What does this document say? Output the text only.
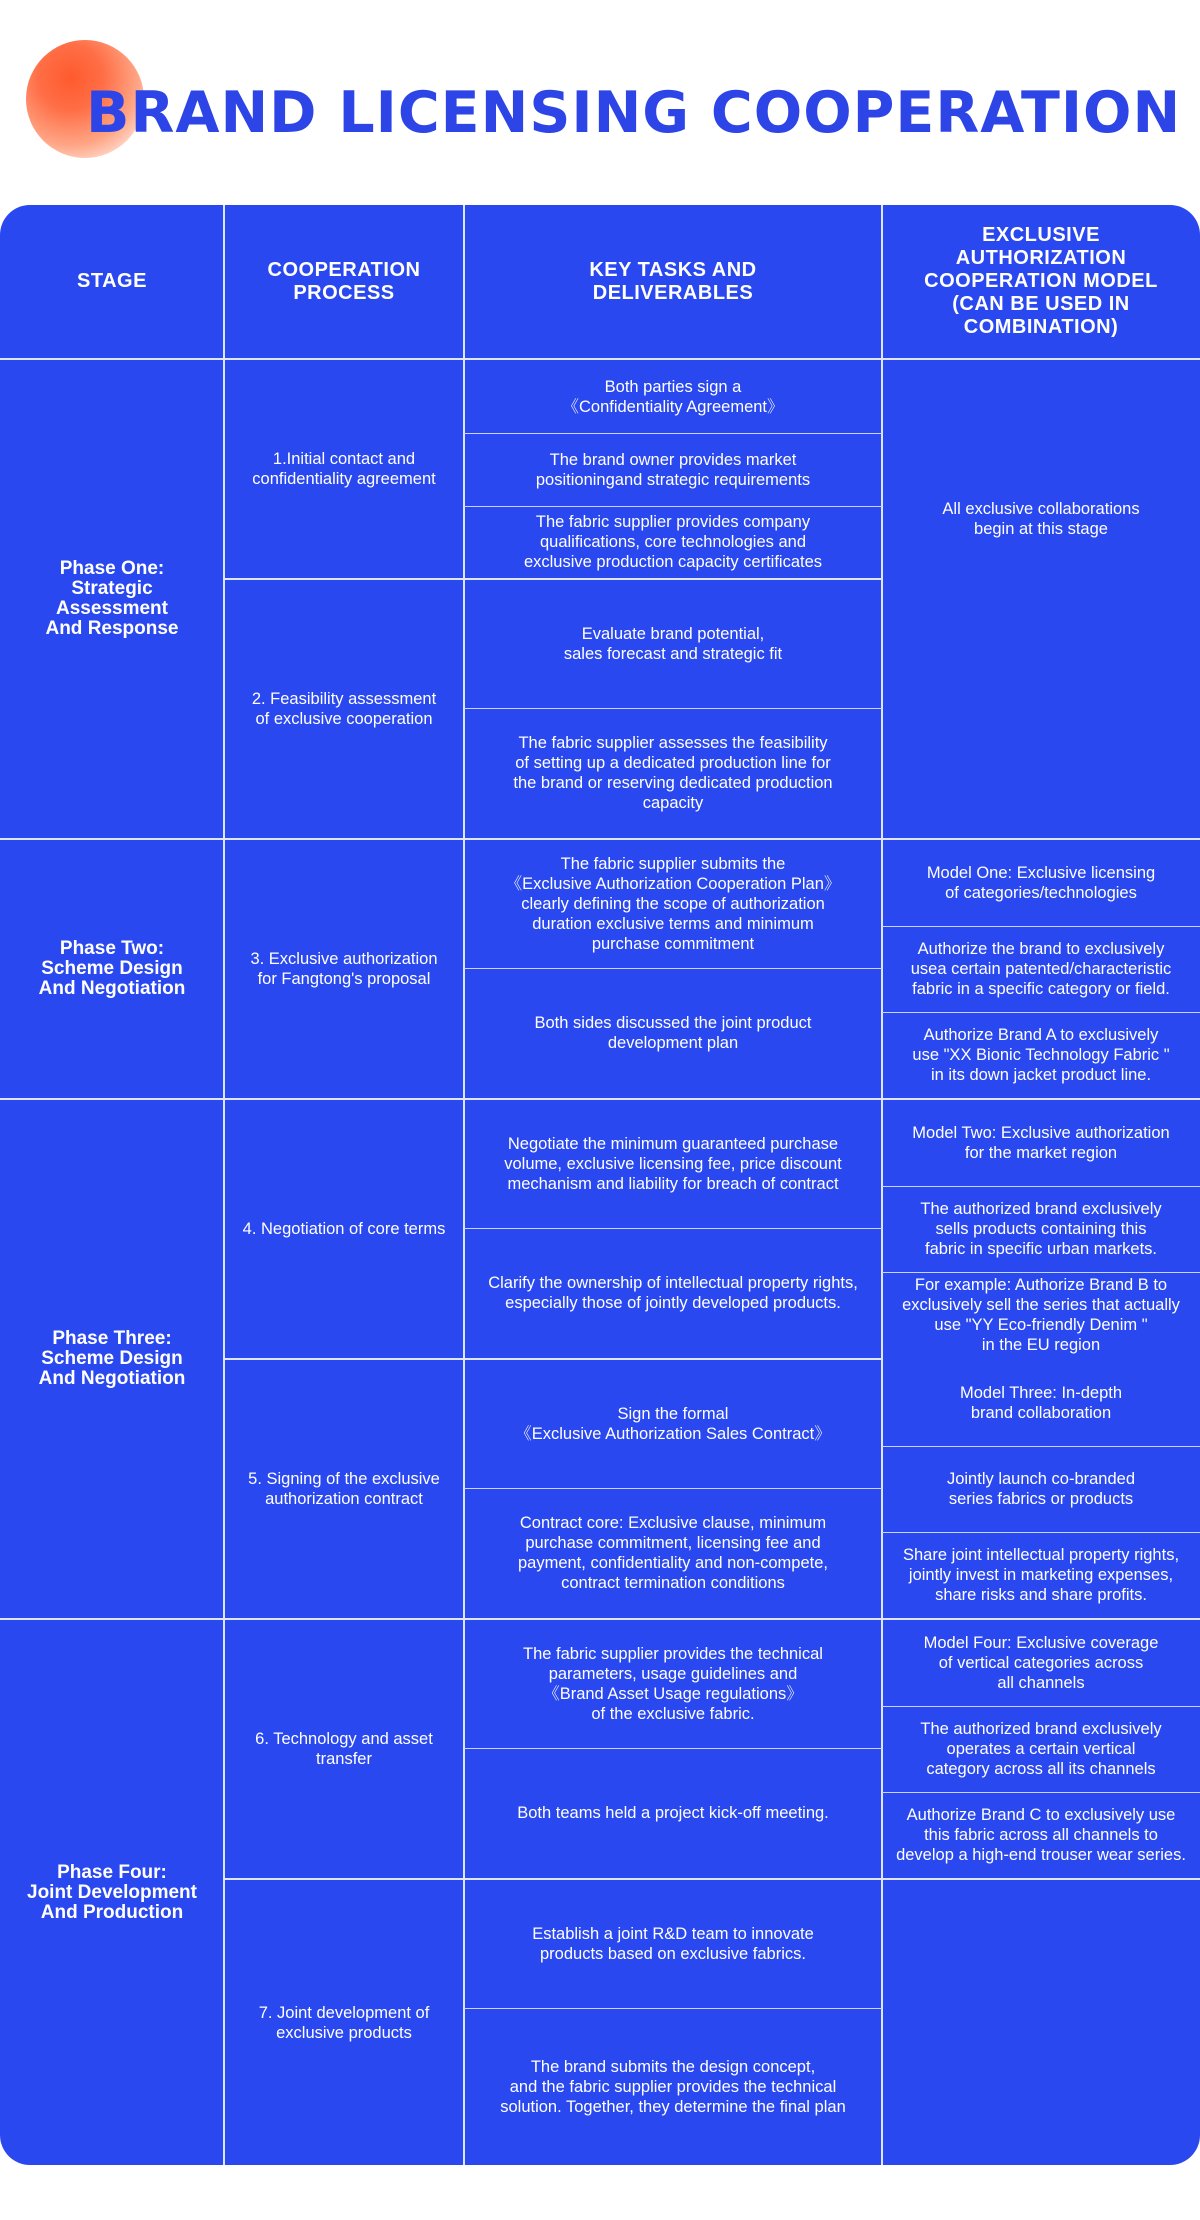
BRAND LICENSING COOPERATION
STAGE
COOPERATION
PROCESS
KEY TASKS AND
DELIVERABLES
EXCLUSIVE
AUTHORIZATION
COOPERATION MODEL
(CAN BE USED IN
COMBINATION)
Phase One:
Strategic
Assessment
And Response
Phase Two:
Scheme Design
And Negotiation
Phase Three:
Scheme Design
And Negotiation
Phase Four:
Joint Development
And Production
1.Initial contact and
confidentiality agreement
2. Feasibility assessment
of exclusive cooperation
3. Exclusive authorization
for Fangtong's proposal
4. Negotiation of core terms
5. Signing of the exclusive
authorization contract
6. Technology and asset
transfer
7. Joint development of
exclusive products
Both parties sign a
《Confidentiality Agreement》
The brand owner provides market
positioningand strategic requirements
The fabric supplier provides company
qualifications, core technologies and
exclusive production capacity certificates
Evaluate brand potential,
sales forecast and strategic fit
The fabric supplier assesses the feasibility
of setting up a dedicated production line for
the brand or reserving dedicated production
capacity
The fabric supplier submits the
《Exclusive Authorization Cooperation Plan》
clearly defining the scope of authorization
duration exclusive terms and minimum
purchase commitment
Both sides discussed the joint product
development plan
Negotiate the minimum guaranteed purchase
volume, exclusive licensing fee, price discount
mechanism and liability for breach of contract
Clarify the ownership of intellectual property rights,
especially those of jointly developed products.
Sign the formal
《Exclusive Authorization Sales Contract》
Contract core: Exclusive clause, minimum
purchase commitment, licensing fee and
payment, confidentiality and non-compete,
contract termination conditions
The fabric supplier provides the technical
parameters, usage guidelines and
《Brand Asset Usage regulations》
of the exclusive fabric.
Both teams held a project kick-off meeting.
Establish a joint R&D team to innovate
products based on exclusive fabrics.
The brand submits the design concept,
and the fabric supplier provides the technical
solution. Together, they determine the final plan
All exclusive collaborations
begin at this stage
Model One: Exclusive licensing
of categories/technologies
Authorize the brand to exclusively
usea certain patented/characteristic
fabric in a specific category or field.
Authorize Brand A to exclusively
use "XX Bionic Technology Fabric "
in its down jacket product line.
Model Two: Exclusive authorization
for the market region
The authorized brand exclusively
sells products containing this
fabric in specific urban markets.
For example: Authorize Brand B to
exclusively sell the series that actually
use "YY Eco-friendly Denim "
in the EU region
Model Three: In-depth
brand collaboration
Jointly launch co-branded
series fabrics or products
Share joint intellectual property rights,
jointly invest in marketing expenses,
share risks and share profits.
Model Four: Exclusive coverage
of vertical categories across
all channels
The authorized brand exclusively
operates a certain vertical
category across all its channels
Authorize Brand C to exclusively use
this fabric across all channels to
develop a high-end trouser wear series.
